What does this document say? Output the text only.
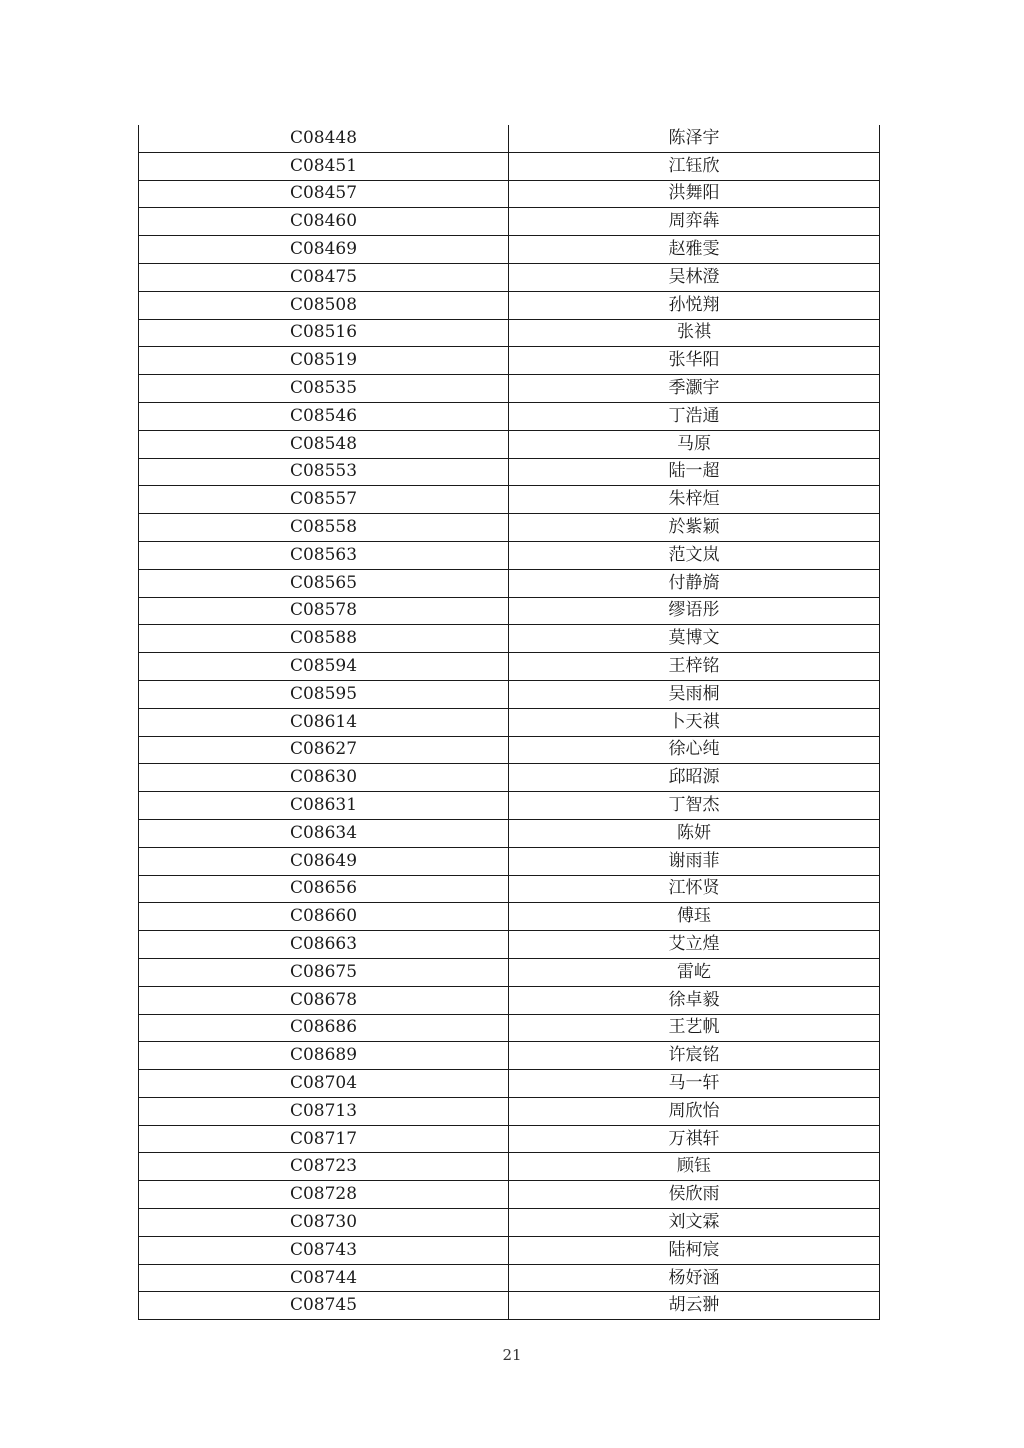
C08448	陈泽宇
C08451	江钰欣
C08457	洪舞阳
C08460	周弈犇
C08469	赵雅雯
C08475	吴林澄
C08508	孙悦翔
C08516	张祺
C08519	张华阳
C08535	季灏宇
C08546	丁浩通
C08548	马原
C08553	陆一超
C08557	朱梓烜
C08558	於紫颖
C08563	范文岚
C08565	付静旖
C08578	缪语彤
C08588	莫博文
C08594	王梓铭
C08595	吴雨桐
C08614	卜天祺
C08627	徐心纯
C08630	邱昭源
C08631	丁智杰
C08634	陈妍
C08649	谢雨菲
C08656	江怀贤
C08660	傅珏
C08663	艾立煌
C08675	雷屹
C08678	徐卓毅
C08686	王艺帆
C08689	许宸铭
C08704	马一轩
C08713	周欣怡
C08717	万祺轩
C08723	顾钰
C08728	侯欣雨
C08730	刘文霖
C08743	陆柯宸
C08744	杨妤涵
C08745	胡云翀
21
